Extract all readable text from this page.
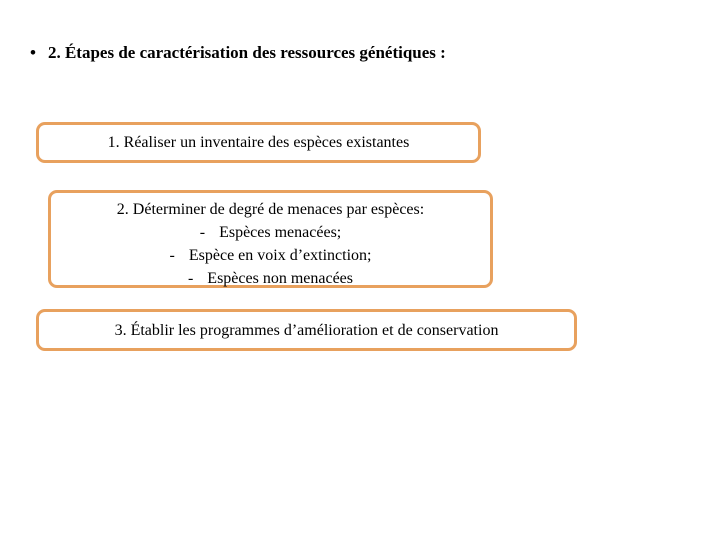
• 2. Étapes de caractérisation des ressources génétiques :
1. Réaliser un inventaire des espèces existantes
2. Déterminer de degré de menaces par espèces:
- Espèces menacées;
- Espèce en voix d’extinction;
- Espèces non menacées
3. Établir les programmes d’amélioration et de conservation
